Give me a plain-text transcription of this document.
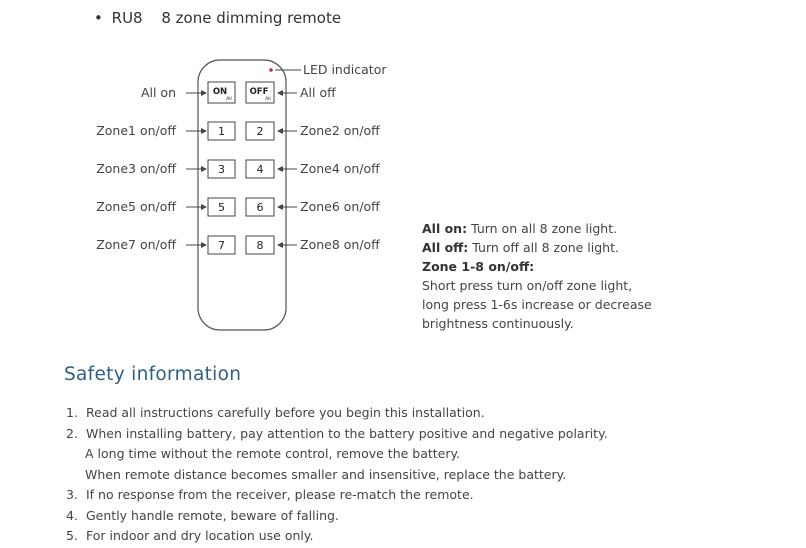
• RU8 8 zone dimming remote
ON
All
OFF
All
1	2
3	4
5	6
7	8
LED indicator
All on
Zone1 on/off
Zone3 on/off
Zone5 on/off
Zone7 on/off
All off
Zone2 on/off
Zone4 on/off
Zone6 on/off
Zone8 on/off
All on: Turn on all 8 zone light.
All off: Turn off all 8 zone light.
Zone 1-8 on/off:
Short press turn on/off zone light,
long press 1-6s increase or decrease
brightness continuously.
Safety information
1. Read all instructions carefully before you begin this installation.
2. When installing battery, pay attention to the battery positive and negative polarity.
A long time without the remote control, remove the battery.
When remote distance becomes smaller and insensitive, replace the battery.
3. If no response from the receiver, please re-match the remote.
4. Gently handle remote, beware of falling.
5. For indoor and dry location use only.
